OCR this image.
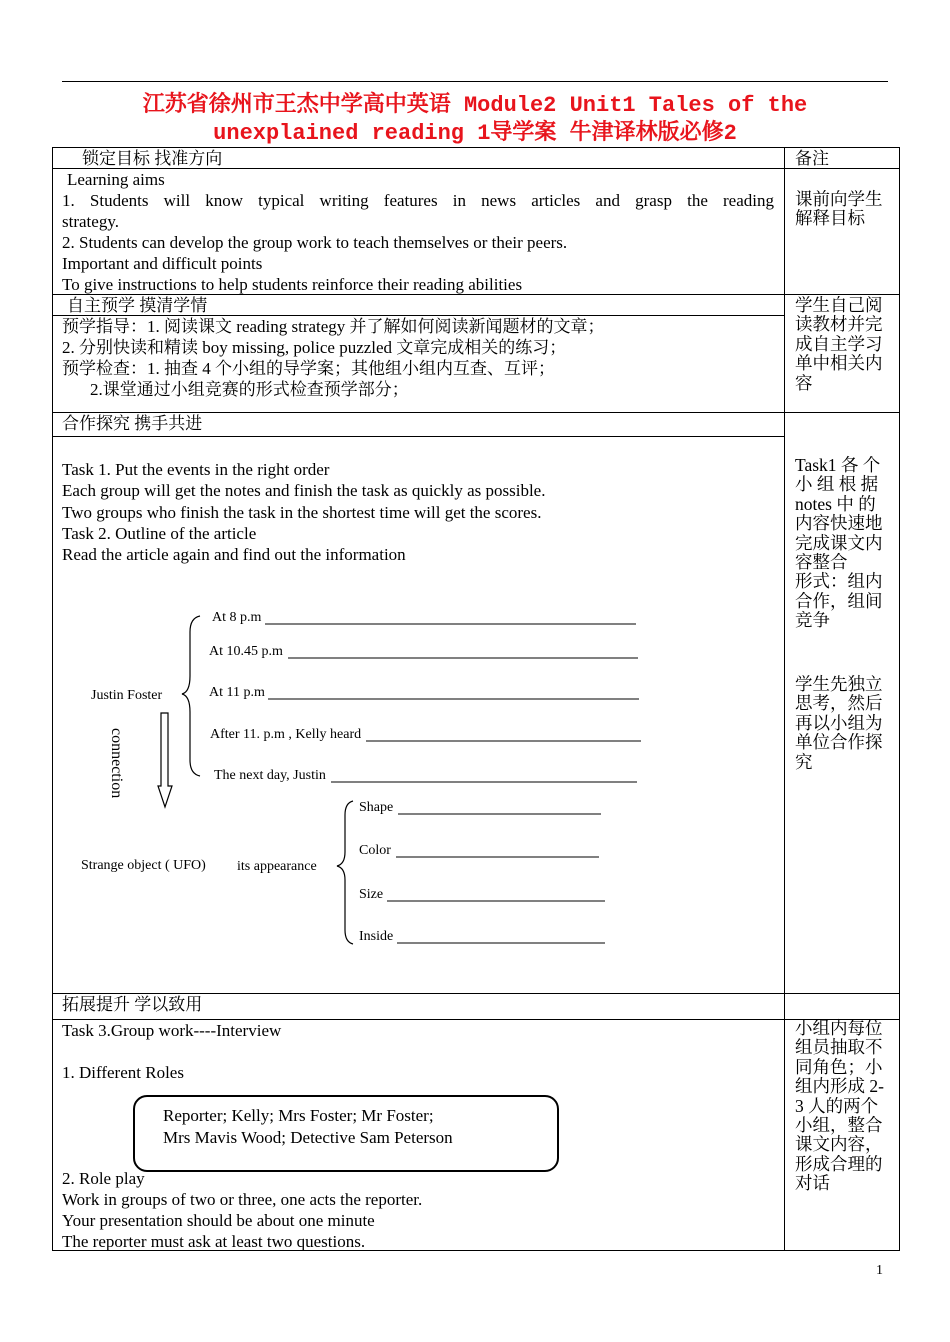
江苏省徐州市王杰中学高中英语 Module2 Unit1 Tales of the
unexplained reading 1导学案 牛津译林版必修2
锁定目标 找准方向	备注
Learning aims
1. Students will know typical writing features in news articles and grasp the reading
strategy.
2. Students can develop the group work to teach themselves or their peers.
Important and difficult points
To give instructions to help students reinforce their reading abilities
课前向学生
解释目标
自主预学 摸清学情
预学指导：1. 阅读课文 reading strategy 并了解如何阅读新闻题材的文章；
2. 分别快读和精读 boy missing, police puzzled 文章完成相关的练习；
预学检查：1. 抽查 4 个小组的导学案；其他组小组内互查、互评；
2.课堂通过小组竞赛的形式检查预学部分；
学生自己阅
读教材并完
成自主学习
单中相关内
容
合作探究 携手共进
Task 1. Put the events in the right order
Each group will get the notes and finish the task as quickly as possible.
Two groups who finish the task in the shortest time will get the scores.
Task 2. Outline of the article
Read the article again and find out the information
Task1 各 个
小 组 根 据
notes 中 的
内容快速地
完成课文内
容整合
形式：组内
合作，组间
竞争
学生先独立
思考，然后
再以小组为
单位合作探
究
Justin Foster
At 8 p.m
At 10.45 p.m
At 11 p.m
After 11. p.m , Kelly heard
The next day, Justin
connection
Strange object ( UFO) its appearance
Shape
Color
Size
Inside
拓展提升 学以致用
Task 3.Group work----Interview
1. Different Roles
Reporter; Kelly; Mrs Foster; Mr Foster;
Mrs Mavis Wood; Detective Sam Peterson
2. Role play
Work in groups of two or three, one acts the reporter.
Your presentation should be about one minute
The reporter must ask at least two questions.
小组内每位
组员抽取不
同角色；小
组内形成 2-
3 人的两个
小组，整合
课文内容，
形成合理的
对话
1
